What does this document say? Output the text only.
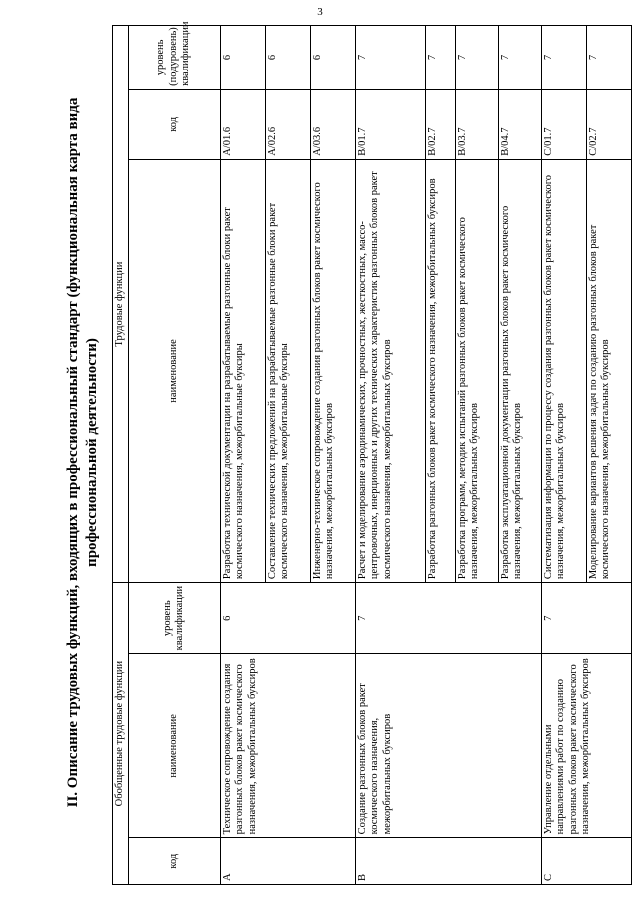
3
II. Описание трудовых функций, входящих в профессиональный стандарт (функциональная карта вида профессиональной деятельности)
Обобщенные трудовые функции			Трудовые функции		
код	наименование	уровень квалификации	наименование	код	уровень (подуровень) квалификации
A	Техническое сопровождение создания разгонных блоков ракет космического назначения, межорбитальных буксиров	6	Разработка технической документации на разрабатываемые разгонные блоки ракет космического назначения, межорбитальные буксиры	A/01.6	6
			Составление технических предложений на разрабатываемые разгонные блоки ракет космического назначения, межорбитальные буксиры	A/02.6	6
			Инженерно-техническое сопровождение создания разгонных блоков ракет космического назначения, межорбитальных буксиров	A/03.6	6
B	Создание разгонных блоков ракет космического назначения, межорбитальных буксиров	7	Расчет и моделирование аэродинамических, прочностных, жесткостных, массо-центровочных, инерционных и других технических характеристик разгонных блоков ракет космического назначения, межорбитальных буксиров	B/01.7	7
			Разработка разгонных блоков ракет космического назначения, межорбитальных буксиров	B/02.7	7
			Разработка программ, методик испытаний разгонных блоков ракет космического назначения, межорбитальных буксиров	B/03.7	7
			Разработка эксплуатационной документации разгонных блоков ракет космического назначения, межорбитальных буксиров	B/04.7	7
C	Управление отдельными направлениями работ по созданию разгонных блоков ракет космического назначения, межорбитальных буксиров	7	Систематизация информации по процессу создания разгонных блоков ракет космического назначения, межорбитальных буксиров	C/01.7	7
			Моделирование вариантов решения задач по созданию разгонных блоков ракет космического назначения, межорбитальных буксиров	C/02.7	7
